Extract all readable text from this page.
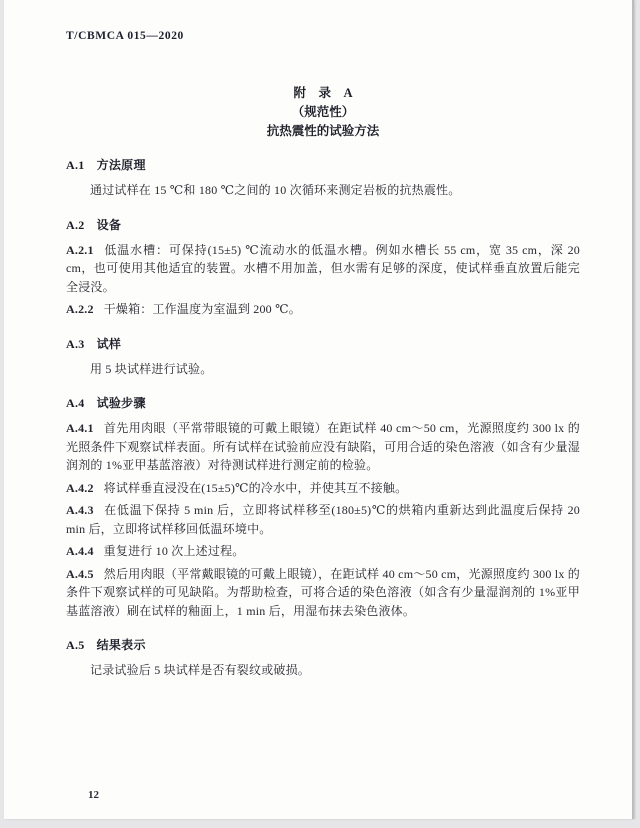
T/CBMCA 015—2020
附　录　A
（规范性）
抗热震性的试验方法
A.1 方法原理

通过试样在 15 ℃和 180 ℃之间的 10 次循环来测定岩板的抗热震性。

A.2 设备

A.2.1 低温水槽：可保持(15±5) ℃流动水的低温水槽。例如水槽长 55 cm，宽 35 cm，深 20 cm，也可使用其他适宜的装置。水槽不用加盖，但水需有足够的深度，使试样垂直放置后能完全浸没。

A.2.2 干燥箱：工作温度为室温到 200 ℃。

A.3 试样

用 5 块试样进行试验。

A.4 试验步骤

A.4.1 首先用肉眼（平常带眼镜的可戴上眼镜）在距试样 40 cm～50 cm，光源照度约 300 lx 的光照条件下观察试样表面。所有试样在试验前应没有缺陷，可用合适的染色溶液（如含有少量湿润剂的 1%亚甲基蓝溶液）对待测试样进行测定前的检验。

A.4.2 将试样垂直浸没在(15±5)℃的冷水中，并使其互不接触。

A.4.3 在低温下保持 5 min 后，立即将试样移至(180±5)℃的烘箱内重新达到此温度后保持 20 min 后，立即将试样移回低温环境中。

A.4.4 重复进行 10 次上述过程。

A.4.5 然后用肉眼（平常戴眼镜的可戴上眼镜），在距试样 40 cm～50 cm，光源照度约 300 lx 的条件下观察试样的可见缺陷。为帮助检查，可将合适的染色溶液（如含有少量湿润剂的 1%亚甲基蓝溶液）刷在试样的釉面上，1 min 后，用湿布抹去染色液体。

A.5 结果表示

记录试验后 5 块试样是否有裂纹或破损。

12
